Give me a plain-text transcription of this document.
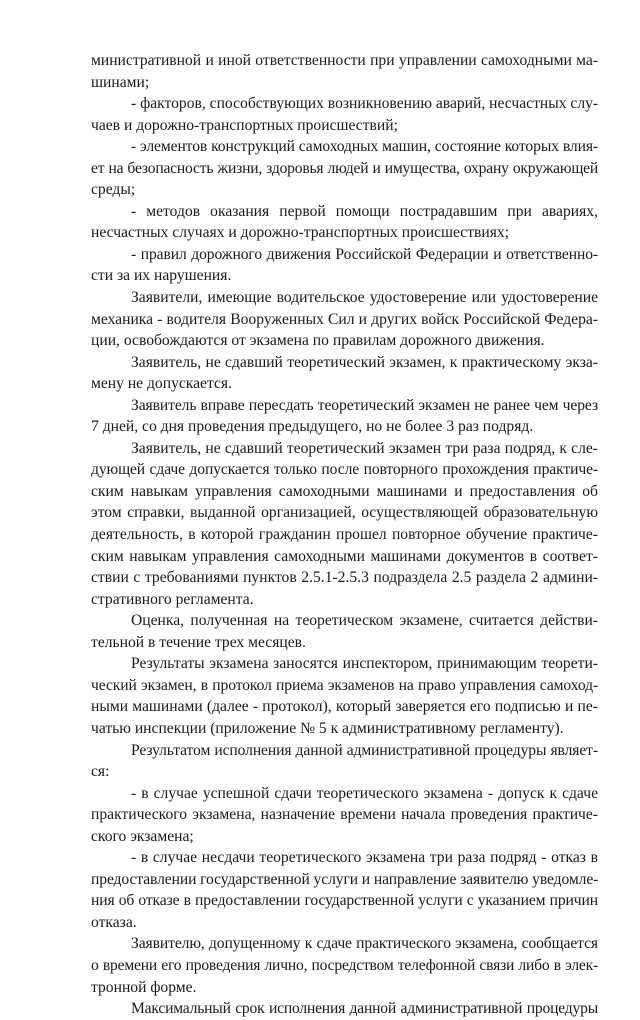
министративной и иной ответственности при управлении самоходными ма-
шинами;
- факторов, способствующих возникновению аварий, несчастных слу-
чаев и дорожно-транспортных происшествий;
- элементов конструкций самоходных машин, состояние которых влия-
ет на безопасность жизни, здоровья людей и имущества, охрану окружающей
среды;
- методов оказания первой помощи пострадавшим при авариях,
несчастных случаях и дорожно-транспортных происшествиях;
- правил дорожного движения Российской Федерации и ответственно-
сти за их нарушения.
Заявители, имеющие водительское удостоверение или удостоверение
механика - водителя Вооруженных Сил и других войск Российской Федера-
ции, освобождаются от экзамена по правилам дорожного движения.
Заявитель, не сдавший теоретический экзамен, к практическому экза-
мену не допускается.
Заявитель вправе пересдать теоретический экзамен не ранее чем через
7 дней, со дня проведения предыдущего, но не более 3 раз подряд.
Заявитель, не сдавший теоретический экзамен три раза подряд, к сле-
дующей сдаче допускается только после повторного прохождения практиче-
ским навыкам управления самоходными машинами и предоставления об
этом справки, выданной организацией, осуществляющей образовательную
деятельность, в которой гражданин прошел повторное обучение практиче-
ским навыкам управления самоходными машинами документов в соответ-
ствии с требованиями пунктов 2.5.1-2.5.3 подраздела 2.5 раздела 2 админи-
стративного регламента.
Оценка, полученная на теоретическом экзамене, считается действи-
тельной в течение трех месяцев.
Результаты экзамена заносятся инспектором, принимающим теорети-
ческий экзамен, в протокол приема экзаменов на право управления самоход-
ными машинами (далее - протокол), который заверяется его подписью и пе-
чатью инспекции (приложение № 5 к административному регламенту).
Результатом исполнения данной административной процедуры являет-
ся:
- в случае успешной сдачи теоретического экзамена - допуск к сдаче
практического экзамена, назначение времени начала проведения практиче-
ского экзамена;
- в случае несдачи теоретического экзамена три раза подряд - отказ в
предоставлении государственной услуги и направление заявителю уведомле-
ния об отказе в предоставлении государственной услуги с указанием причин
отказа.
Заявителю, допущенному к сдаче практического экзамена, сообщается
о времени его проведения лично, посредством телефонной связи либо в элек-
тронной форме.
Максимальный срок исполнения данной административной процедуры
